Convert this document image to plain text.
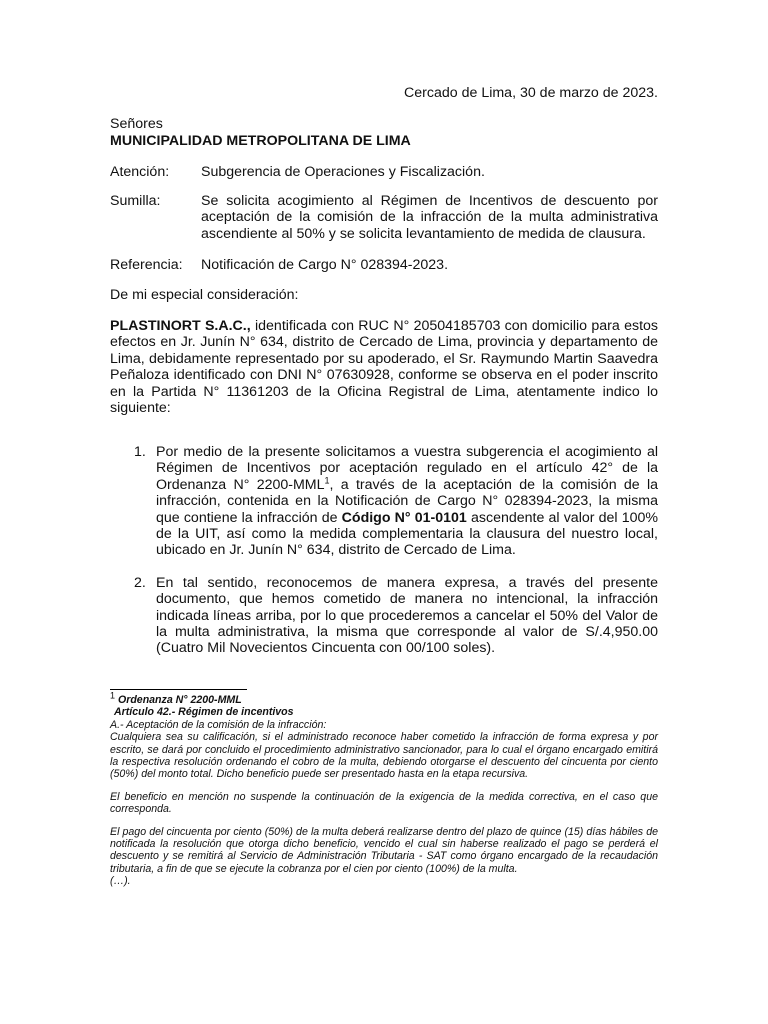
Cercado de Lima, 30 de marzo de 2023.
Señores
MUNICIPALIDAD METROPOLITANA DE LIMA
Atención:	Subgerencia de Operaciones y Fiscalización.
Sumilla:	Se solicita acogimiento al Régimen de Incentivos de descuento por aceptación de la comisión de la infracción de la multa administrativa ascendiente al 50% y se solicita levantamiento de medida de clausura.
Referencia:	Notificación de Cargo N° 028394-2023.
De mi especial consideración:
PLASTINORT S.A.C., identificada con RUC N° 20504185703 con domicilio para estos efectos en Jr. Junín N° 634, distrito de Cercado de Lima, provincia y departamento de Lima, debidamente representado por su apoderado, el Sr. Raymundo Martin Saavedra Peñaloza identificado con DNI N° 07630928, conforme se observa en el poder inscrito en la Partida N° 11361203 de la Oficina Registral de Lima, atentamente indico lo siguiente:
1. Por medio de la presente solicitamos a vuestra subgerencia el acogimiento al Régimen de Incentivos por aceptación regulado en el artículo 42° de la Ordenanza N° 2200-MML$^1$, a través de la aceptación de la comisión de la infracción, contenida en la Notificación de Cargo N° 028394-2023, la misma que contiene la infracción de Código N° 01-0101 ascendente al valor del 100% de la UIT, así como la medida complementaria la clausura del nuestro local, ubicado en Jr. Junín N° 634, distrito de Cercado de Lima.
2. En tal sentido, reconocemos de manera expresa, a través del presente documento, que hemos cometido de manera no intencional, la infracción indicada líneas arriba, por lo que procederemos a cancelar el 50% del Valor de la multa administrativa, la misma que corresponde al valor de S/.4,950.00 (Cuatro Mil Novecientos Cincuenta con 00/100 soles).

$^1$ Ordenanza N° 2200-MML

Artículo 42.- Régimen de incentivos

A.- Aceptación de la comisión de la infracción:

Cualquiera sea su calificación, si el administrado reconoce haber cometido la infracción de forma expresa y por escrito, se dará por concluido el procedimiento administrativo sancionador, para lo cual el órgano encargado emitirá la respectiva resolución ordenando el cobro de la multa, debiendo otorgarse el descuento del cincuenta por ciento (50%) del monto total. Dicho beneficio puede ser presentado hasta en la etapa recursiva.

El beneficio en mención no suspende la continuación de la exigencia de la medida correctiva, en el caso que corresponda.

El pago del cincuenta por ciento (50%) de la multa deberá realizarse dentro del plazo de quince (15) días hábiles de notificada la resolución que otorga dicho beneficio, vencido el cual sin haberse realizado el pago se perderá el descuento y se remitirá al Servicio de Administración Tributaria - SAT como órgano encargado de la recaudación tributaria, a fin de que se ejecute la cobranza por el cien por ciento (100%) de la multa.

(…).
